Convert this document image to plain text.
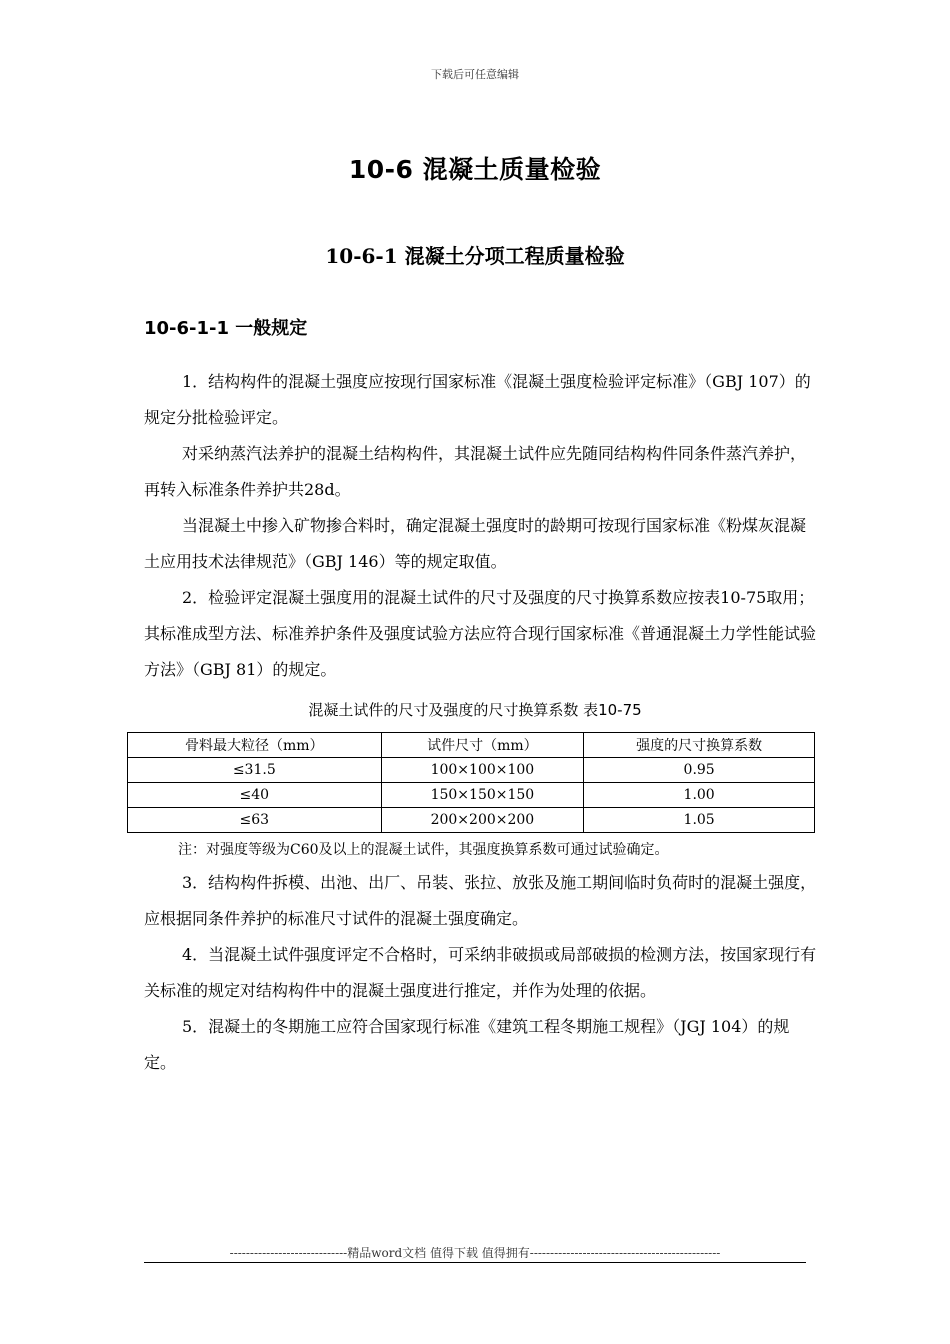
下载后可任意编辑
10-6 混凝土质量检验
10-6-1 混凝土分项工程质量检验
10-6-1-1 一般规定

1．结构构件的混凝土强度应按现行国家标准《混凝土强度检验评定标准》（GBJ 107）的规定分批检验评定。

对采纳蒸汽法养护的混凝土结构构件，其混凝土试件应先随同结构构件同条件蒸汽养护，再转入标准条件养护共28d。

当混凝土中掺入矿物掺合料时，确定混凝土强度时的龄期可按现行国家标准《粉煤灰混凝土应用技术法律规范》（GBJ 146）等的规定取值。

2．检验评定混凝土强度用的混凝土试件的尺寸及强度的尺寸换算系数应按表10-75取用；其标准成型方法、标准养护条件及强度试验方法应符合现行国家标准《普通混凝土力学性能试验方法》（GBJ 81）的规定。

混凝土试件的尺寸及强度的尺寸换算系数 表10-75
骨料最大粒径（mm）	试件尺寸（mm）	强度的尺寸换算系数
≤31.5	100×100×100	0.95
≤40	150×150×150	1.00
≤63	200×200×200	1.05
注：对强度等级为C60及以上的混凝土试件，其强度换算系数可通过试验确定。

3．结构构件拆模、出池、出厂、吊装、张拉、放张及施工期间临时负荷时的混凝土强度，应根据同条件养护的标准尺寸试件的混凝土强度确定。

4．当混凝土试件强度评定不合格时，可采纳非破损或局部破损的检测方法，按国家现行有关标准的规定对结构构件中的混凝土强度进行推定，并作为处理的依据。

5．混凝土的冬期施工应符合国家现行标准《建筑工程冬期施工规程》（JGJ 104）的规定。

-----------------------------精品word文档 值得下载 值得拥有-----------------------------------------------
